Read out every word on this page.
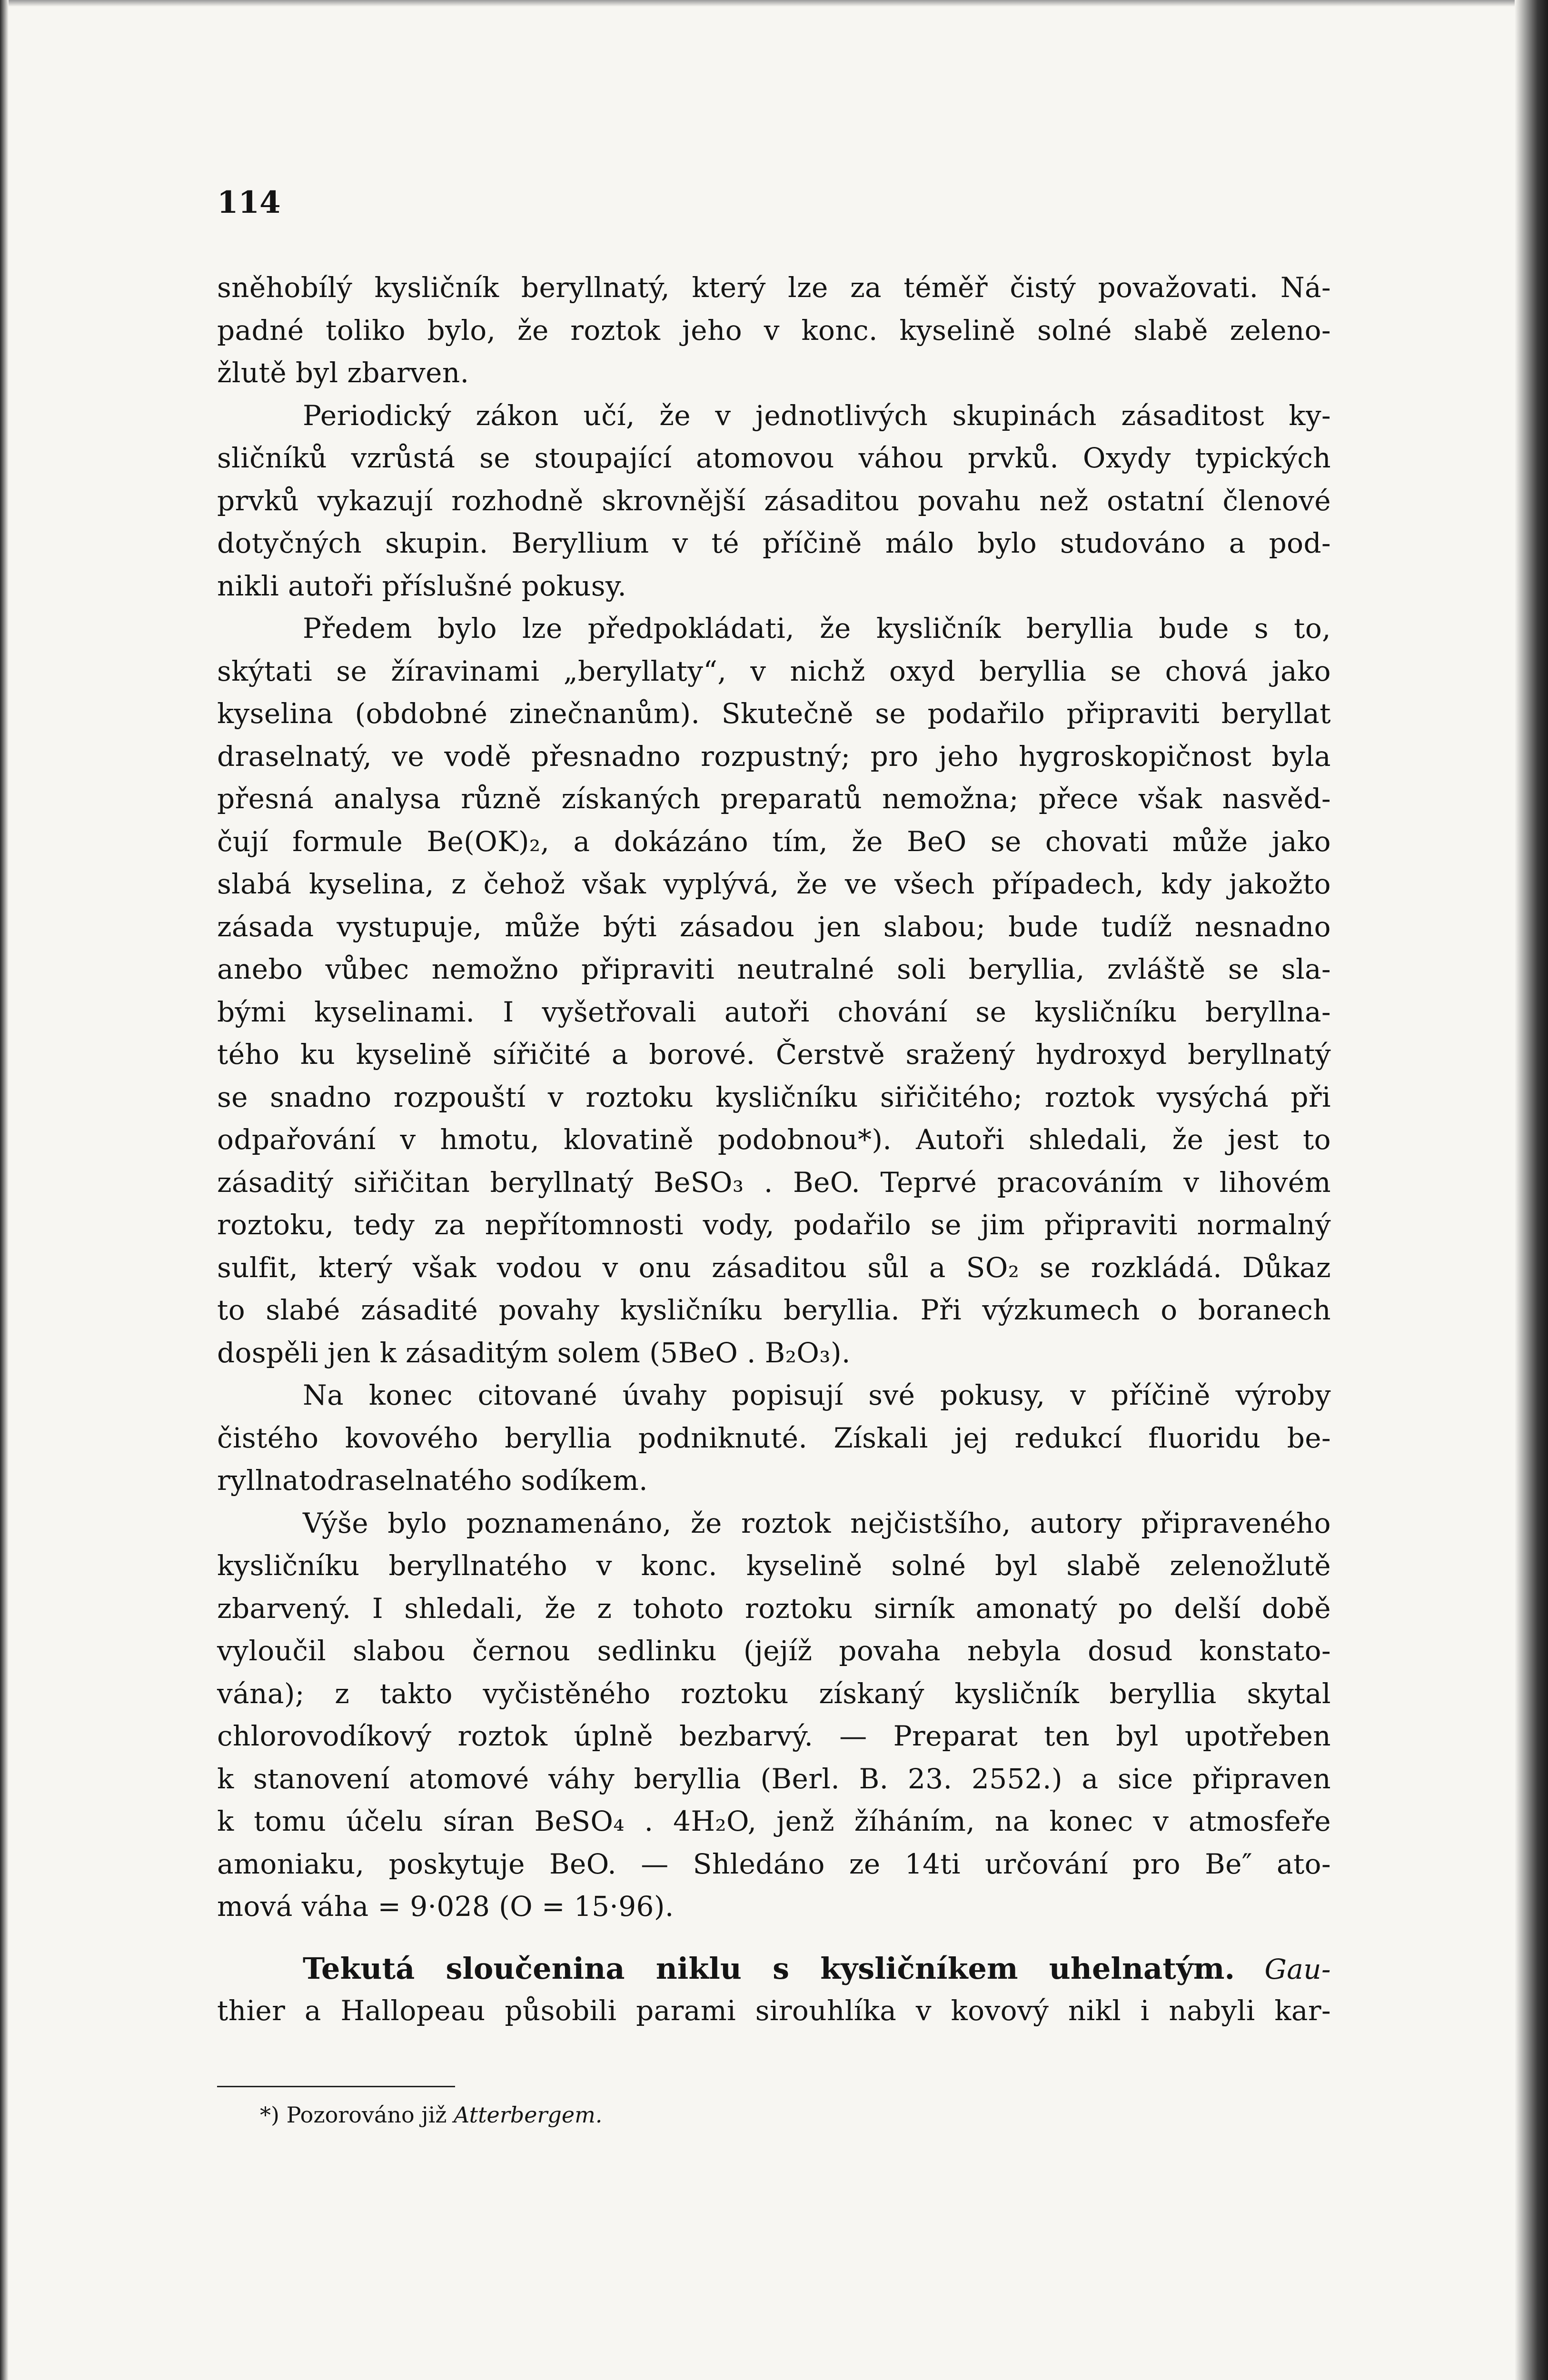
114
sněhobílý kysličník beryllnatý, který lze za téměř čistý považovati. Ná-
padné toliko bylo, že roztok jeho v konc. kyselině solné slabě zeleno-
žlutě byl zbarven.
Periodický zákon učí, že v jednotlivých skupinách zásaditost ky-
sličníků vzrůstá se stoupající atomovou váhou prvků. Oxydy typických
prvků vykazují rozhodně skrovnější zásaditou povahu než ostatní členové
dotyčných skupin. Beryllium v té příčině málo bylo studováno a pod-
nikli autoři příslušné pokusy.
Předem bylo lze předpokládati, že kysličník beryllia bude s to,
skýtati se žíravinami „beryllaty“, v nichž oxyd beryllia se chová jako
kyselina (obdobné zinečnanům). Skutečně se podařilo připraviti beryllat
draselnatý, ve vodě přesnadno rozpustný; pro jeho hygroskopičnost byla
přesná analysa různě získaných preparatů nemožna; přece však nasvěd-
čují formule Be(OK)₂, a dokázáno tím, že BeO se chovati může jako
slabá kyselina, z čehož však vyplývá, že ve všech případech, kdy jakožto
zásada vystupuje, může býti zásadou jen slabou; bude tudíž nesnadno
anebo vůbec nemožno připraviti neutralné soli beryllia, zvláště se sla-
bými kyselinami. I vyšetřovali autoři chování se kysličníku beryllna-
tého ku kyselině sířičité a borové. Čerstvě sražený hydroxyd beryllnatý
se snadno rozpouští v roztoku kysličníku siřičitého; roztok vysýchá při
odpařování v hmotu, klovatině podobnou*). Autoři shledali, že jest to
zásaditý siřičitan beryllnatý BeSO₃ . BeO. Teprvé pracováním v lihovém
roztoku, tedy za nepřítomnosti vody, podařilo se jim připraviti normalný
sulfit, který však vodou v onu zásaditou sůl a SO₂ se rozkládá. Důkaz
to slabé zásadité povahy kysličníku beryllia. Při výzkumech o boranech
dospěli jen k zásaditým solem (5BeO . B₂O₃).
Na konec citované úvahy popisují své pokusy, v příčině výroby
čistého kovového beryllia podniknuté. Získali jej redukcí fluoridu be-
ryllnatodraselnatého sodíkem.
Výše bylo poznamenáno, že roztok nejčistšího, autory připraveného
kysličníku beryllnatého v konc. kyselině solné byl slabě zelenožlutě
zbarvený. I shledali, že z tohoto roztoku sirník amonatý po delší době
vyloučil slabou černou sedlinku (jejíž povaha nebyla dosud konstato-
vána); z takto vyčistěného roztoku získaný kysličník beryllia skytal
chlorovodíkový roztok úplně bezbarvý. — Preparat ten byl upotřeben
k stanovení atomové váhy beryllia (Berl. B. 23. 2552.) a sice připraven
k tomu účelu síran BeSO₄ . 4H₂O, jenž žíháním, na konec v atmosfeře
amoniaku, poskytuje BeO. — Shledáno ze 14ti určování pro Be″ ato-
mová váha = 9·028 (O = 15·96).
Tekutá sloučenina niklu s kysličníkem uhelnatým. Gau-
thier a Hallopeau působili parami sirouhlíka v kovový nikl i nabyli kar-
*) Pozorováno již Atterbergem.
